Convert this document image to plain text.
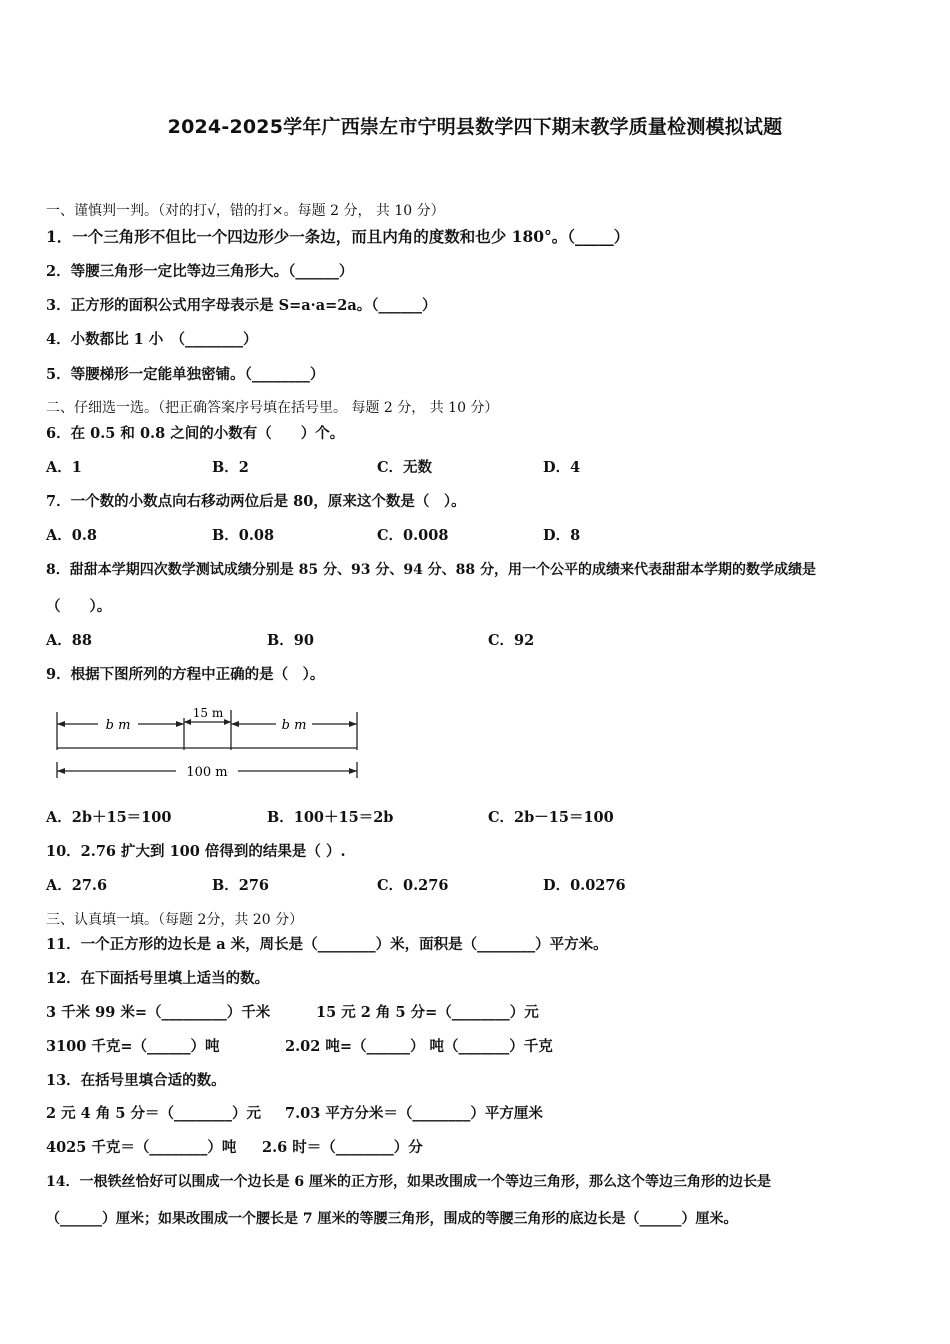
2024-2025学年广西崇左市宁明县数学四下期末教学质量检测模拟试题
一、谨慎判一判。（对的打√，错的打×。每题 2 分， 共 10 分）
1．一个三角形不但比一个四边形少一条边，而且内角的度数和也少 180°。（_____）
2．等腰三角形一定比等边三角形大。（______）
3．正方形的面积公式用字母表示是 S=a·a=2a。（______）
4．小数都比 1 小　（________）
5．等腰梯形一定能单独密铺。（________）
二、仔细选一选。（把正确答案序号填在括号里。 每题 2 分， 共 10 分）
6．在 0.5 和 0.8 之间的小数有（　　）个。
A．1	B．2	C．无数	D．4
7．一个数的小数点向右移动两位后是 80，原来这个数是（　）。
A．0.8	B．0.08	C．0.008	D．8
8．甜甜本学期四次数学测试成绩分别是 85 分、93 分、94 分、88 分，用一个公平的成绩来代表甜甜本学期的数学成绩是
（　　）。
A．88	B．90	C．92
9．根据下图所列的方程中正确的是（　）。
b m
15 m
b m
100 m
A．2b＋15＝100	B．100＋15＝2b	C．2b－15＝100
10．2.76 扩大到 100 倍得到的结果是（ ）.
A．27.6	B．276	C．0.276	D．0.0276
三、认真填一填。（每题 2分，共 20 分）
11．一个正方形的边长是 a 米，周长是（________）米，面积是（________）平方米。
12．在下面括号里填上适当的数。
3 千米 99 米=（_________）千米	15 元 2 角 5 分=（________）元
3100 千克=（______）吨	2.02 吨=（______） 吨（_______）千克
13．在括号里填合适的数。
2 元 4 角 5 分＝（________）元 7.03 平方分米＝（________）平方厘米
4025 千克＝（________）吨 2.6 时＝（________）分
14．一根铁丝恰好可以围成一个边长是 6 厘米的正方形，如果改围成一个等边三角形，那么这个等边三角形的边长是
（______）厘米；如果改围成一个腰长是 7 厘米的等腰三角形，围成的等腰三角形的底边长是（______）厘米。
